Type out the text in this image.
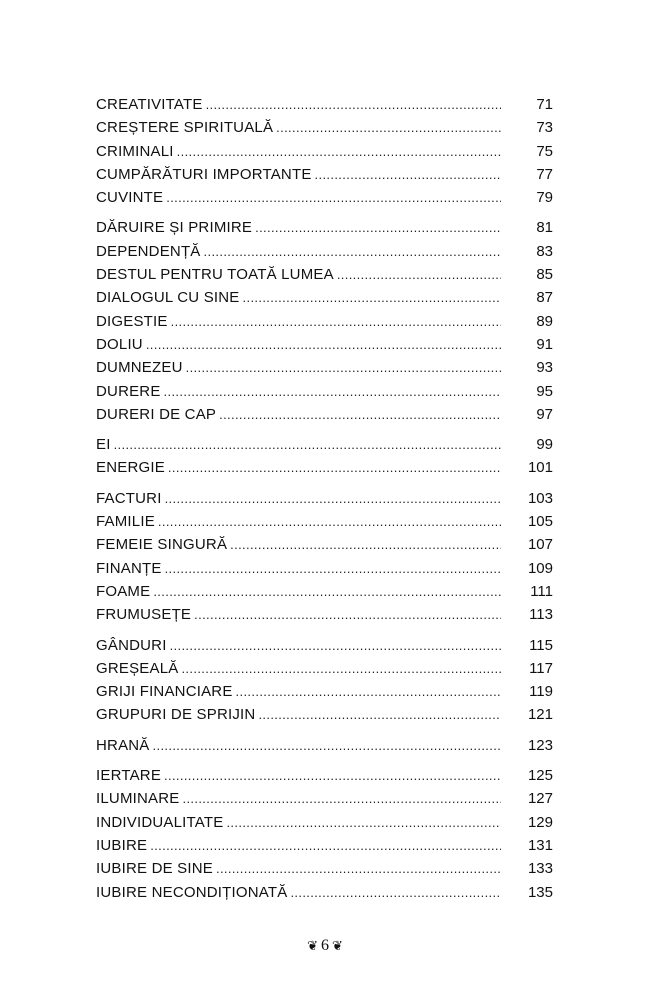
CREATIVITATE .....	71
CREȘTERE SPIRITUALĂ .....	73
CRIMINALI .....	75
CUMPĂRĂTURI IMPORTANTE .....	77
CUVINTE .....	79
DĂRUIRE ȘI PRIMIRE .....	81
DEPENDENȚĂ .....	83
DESTUL PENTRU TOATĂ LUMEA .....	85
DIALOGUL CU SINE .....	87
DIGESTIE .....	89
DOLIU .....	91
DUMNEZEU .....	93
DURERE .....	95
DURERI DE CAP .....	97
EI .....	99
ENERGIE .....	101
FACTURI .....	103
FAMILIE .....	105
FEMEIE SINGURĂ .....	107
FINANȚE .....	109
FOAME .....	111
FRUMUSEȚE .....	113
GÂNDURI .....	115
GREȘEALĂ .....	117
GRIJI FINANCIARE .....	119
GRUPURI DE SPRIJIN .....	121
HRANĂ .....	123
IERTARE .....	125
ILUMINARE .....	127
INDIVIDUALITATE .....	129
IUBIRE .....	131
IUBIRE DE SINE .....	133
IUBIRE NECONDIȚIONATĂ .....	135
❦ 6 ❦
